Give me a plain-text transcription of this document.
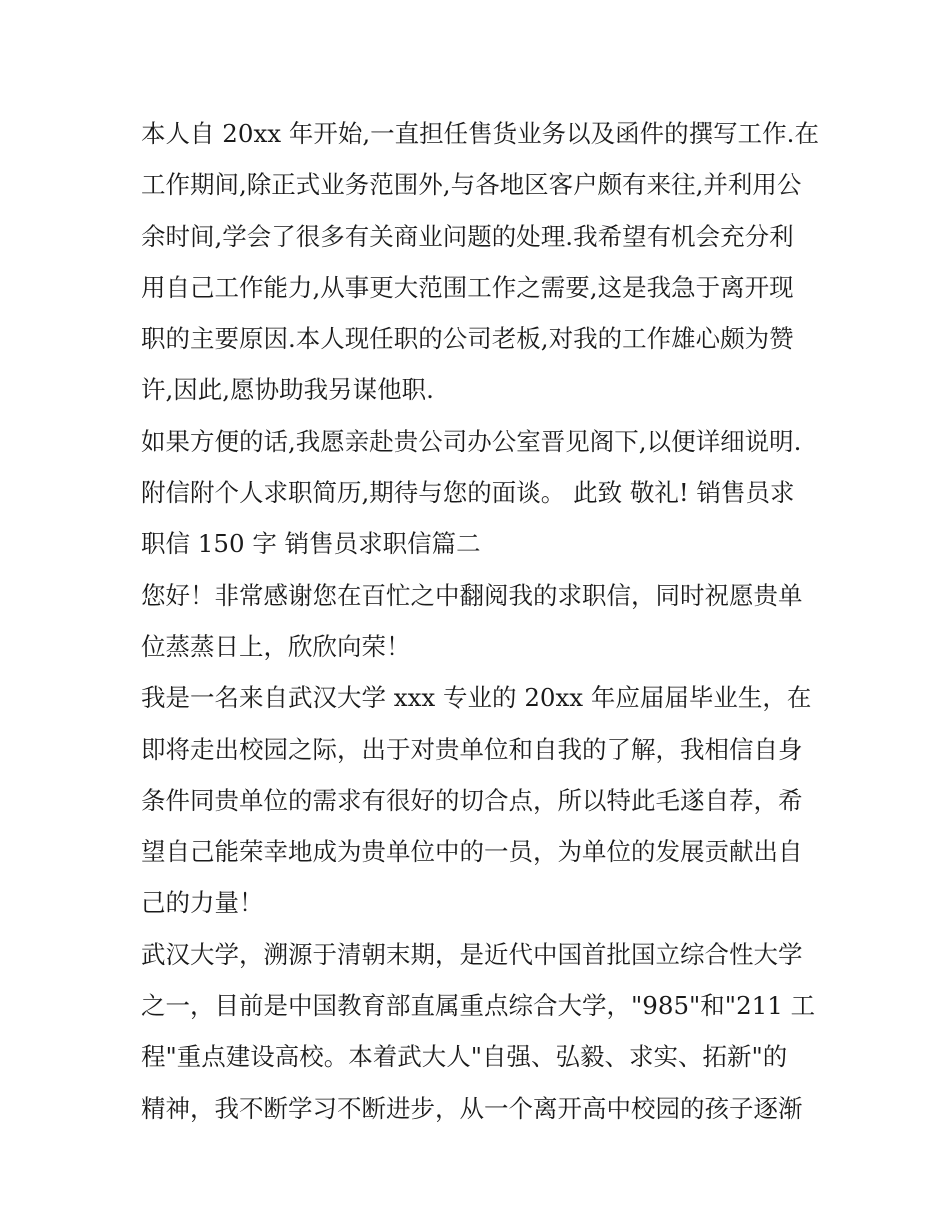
本人自 20xx 年开始,一直担任售货业务以及函件的撰写工作.在
工作期间,除正式业务范围外,与各地区客户颇有来往,并利用公
余时间,学会了很多有关商业问题的处理.我希望有机会充分利
用自己工作能力,从事更大范围工作之需要,这是我急于离开现
职的主要原因.本人现任职的公司老板,对我的工作雄心颇为赞
许,因此,愿协助我另谋他职.
如果方便的话,我愿亲赴贵公司办公室晋见阁下,以便详细说明.
附信附个人求职简历,期待与您的面谈。 此致 敬礼! 销售员求
职信 150 字 销售员求职信篇二
您好！非常感谢您在百忙之中翻阅我的求职信，同时祝愿贵单
位蒸蒸日上，欣欣向荣！
我是一名来自武汉大学 xxx 专业的 20xx 年应届届毕业生，在
即将走出校园之际，出于对贵单位和自我的了解，我相信自身
条件同贵单位的需求有很好的切合点，所以特此毛遂自荐，希
望自己能荣幸地成为贵单位中的一员，为单位的发展贡献出自
己的力量！
武汉大学，溯源于清朝末期，是近代中国首批国立综合性大学
之一，目前是中国教育部直属重点综合大学，"985"和"211 工
程"重点建设高校。本着武大人"自强、弘毅、求实、拓新"的
精神，我不断学习不断进步，从一个离开高中校园的孩子逐渐
